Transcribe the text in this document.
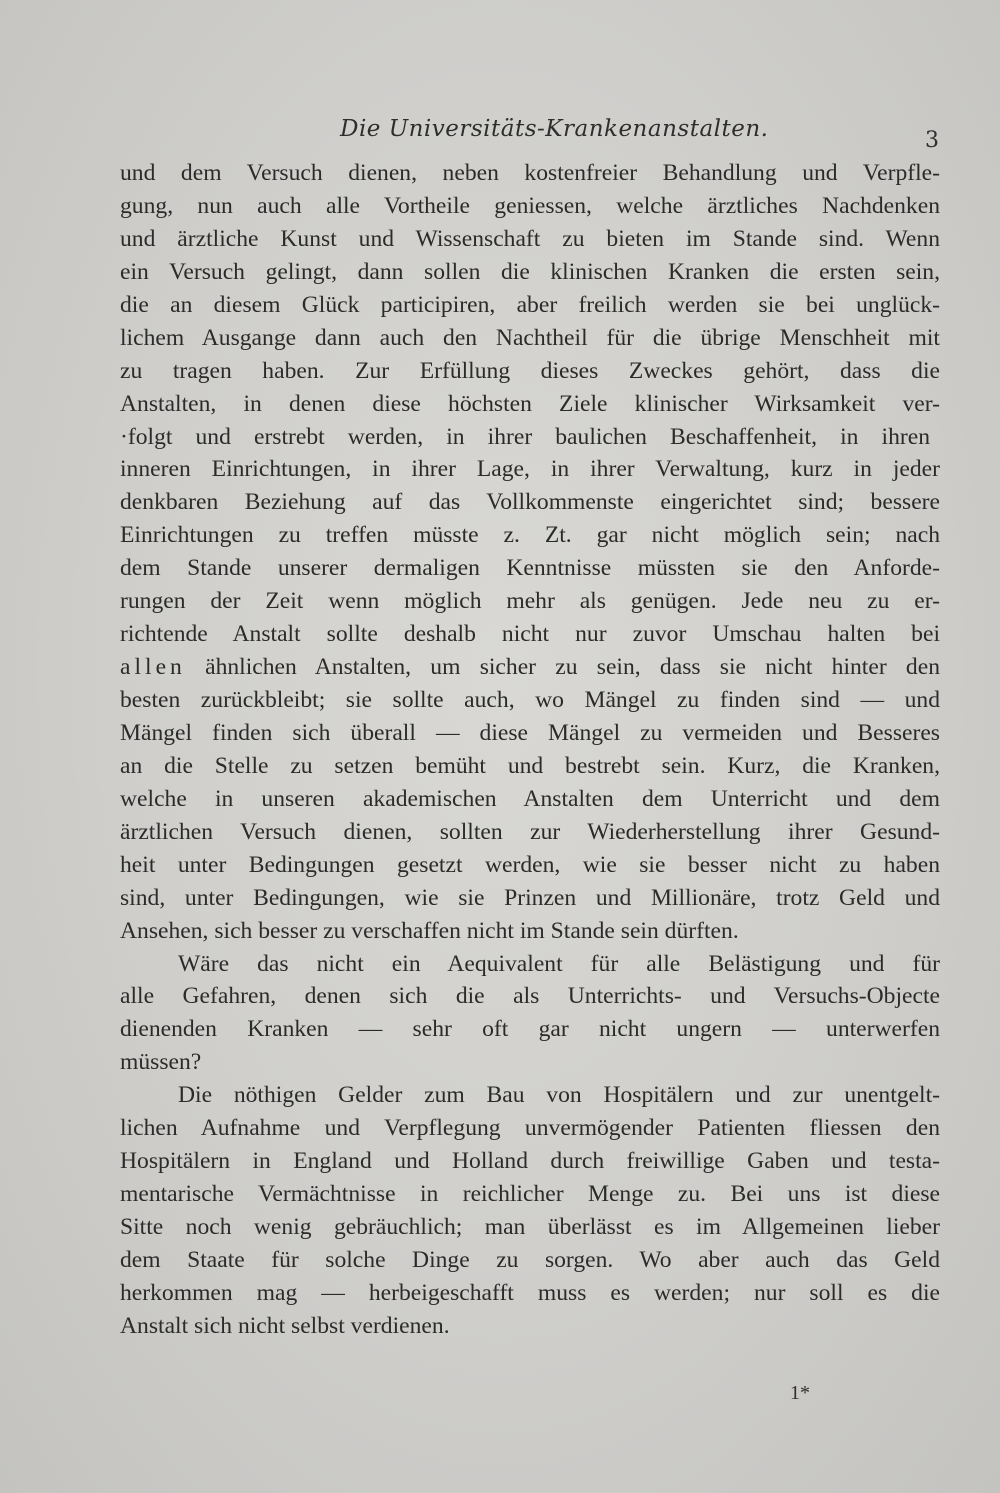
Die Universitäts-Krankenanstalten.	3
und dem Versuch dienen, neben kostenfreier Behandlung und Verpfle-
gung, nun auch alle Vortheile geniessen, welche ärztliches Nachdenken
und ärztliche Kunst und Wissenschaft zu bieten im Stande sind. Wenn
ein Versuch gelingt, dann sollen die klinischen Kranken die ersten sein,
die an diesem Glück participiren, aber freilich werden sie bei unglück-
lichem Ausgange dann auch den Nachtheil für die übrige Menschheit mit
zu tragen haben. Zur Erfüllung dieses Zweckes gehört, dass die
Anstalten, in denen diese höchsten Ziele klinischer Wirksamkeit ver-
·folgt und erstrebt werden, in ihrer baulichen Beschaffenheit, in ihren
inneren Einrichtungen, in ihrer Lage, in ihrer Verwaltung, kurz in jeder
denkbaren Beziehung auf das Vollkommenste eingerichtet sind; bessere
Einrichtungen zu treffen müsste z. Zt. gar nicht möglich sein; nach
dem Stande unserer dermaligen Kenntnisse müssten sie den Anforde-
rungen der Zeit wenn möglich mehr als genügen. Jede neu zu er-
richtende Anstalt sollte deshalb nicht nur zuvor Umschau halten bei
allen ähnlichen Anstalten, um sicher zu sein, dass sie nicht hinter den
besten zurückbleibt; sie sollte auch, wo Mängel zu finden sind — und
Mängel finden sich überall — diese Mängel zu vermeiden und Besseres
an die Stelle zu setzen bemüht und bestrebt sein. Kurz, die Kranken,
welche in unseren akademischen Anstalten dem Unterricht und dem
ärztlichen Versuch dienen, sollten zur Wiederherstellung ihrer Gesund-
heit unter Bedingungen gesetzt werden, wie sie besser nicht zu haben
sind, unter Bedingungen, wie sie Prinzen und Millionäre, trotz Geld und
Ansehen, sich besser zu verschaffen nicht im Stande sein dürften.
Wäre das nicht ein Aequivalent für alle Belästigung und für
alle Gefahren, denen sich die als Unterrichts- und Versuchs-Objecte
dienenden Kranken — sehr oft gar nicht ungern — unterwerfen
müssen?
Die nöthigen Gelder zum Bau von Hospitälern und zur unentgelt-
lichen Aufnahme und Verpflegung unvermögender Patienten fliessen den
Hospitälern in England und Holland durch freiwillige Gaben und testa-
mentarische Vermächtnisse in reichlicher Menge zu. Bei uns ist diese
Sitte noch wenig gebräuchlich; man überlässt es im Allgemeinen lieber
dem Staate für solche Dinge zu sorgen. Wo aber auch das Geld
herkommen mag — herbeigeschafft muss es werden; nur soll es die
Anstalt sich nicht selbst verdienen.
1*
